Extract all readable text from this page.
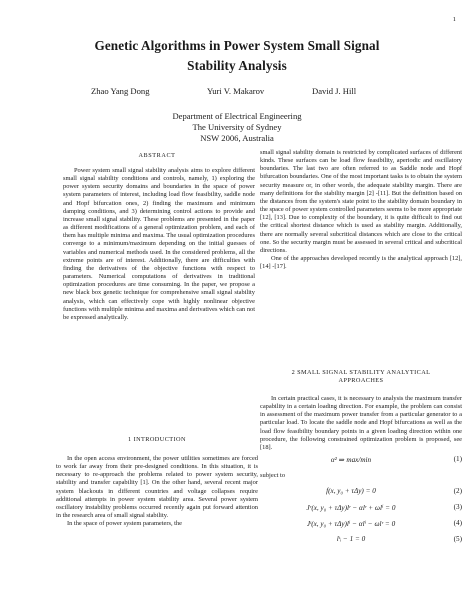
1
Genetic Algorithms in Power System Small Signal
Stability Analysis
Zhao Yang Dong	Yuri V. Makarov	David J. Hill
Department of Electrical Engineering
The University of Sydney
NSW 2006, Australia
ABSTRACT

Power system small signal stability analysis aims to explore different small signal stability conditions and controls, namely, 1) exploring the power system security domains and boundaries in the space of power system parameters of interest, including load flow feasibility, saddle node and Hopf bifurcation ones, 2) finding the maximum and minimum damping conditions, and 3) determining control actions to provide and increase small signal stability. These problems are presented in the paper as different modifications of a general optimization problem, and each of them has multiple minima and maxima. The usual optimization procedures converge to a minimum/maximum depending on the initial guesses of variables and numerical methods used. In the considered problems, all the extreme points are of interest. Additionally, there are difficulties with finding the derivatives of the objective functions with respect to parameters. Numerical computations of derivatives in traditional optimization procedures are time consuming. In the paper, we propose a new black box genetic technique for comprehensive small signal stability analysis, which can effectively cope with highly nonlinear objective functions with multiple minima and maxima and derivatives which can not be expressed analytically.

1 INTRODUCTION

In the open access environment, the power utilities sometimes are forced to work far away from their pre-designed conditions. In this situation, it is necessary to re-approach the problems related to power system security, stability and transfer capability [1]. On the other hand, several recent major system blackouts in different countries and voltage collapses require additional attempts in power system stability area. Several power system oscillatory instability problems occurred recently again put forward attention in the research area of small signal stability.

In the space of power system parameters, the

small signal stability domain is restricted by complicated surfaces of different kinds. These surfaces can be load flow feasibility, aperiodic and oscillatory boundaries. The last two are often referred to as Saddle node and Hopf bifurcation boundaries. One of the most important tasks is to obtain the system security measure or, in other words, the adequate stability margin. There are many definitions for the stability margin [2] -[11]. But the definition based on the distances from the system's state point to the stability domain boundary in the space of power system controlled parameters seems to be more appropriate [12], [13]. Due to complexity of the boundary, it is quite difficult to find out the critical shortest distance which is used as stability margin. Additionally, there are normally several subcritical distances which are close to the critical one. So the security margin must be assessed in several critical and subcritical directions.

One of the approaches developed recently is the analytical approach [12], [14] -[17].

2 SMALL SIGNAL STABILITY ANALYTICAL
APPROACHES

In certain practical cases, it is necessary to analysis the maximum transfer capability in a certain loading direction. For example, the problem can consist in assessment of the maximum power transfer from a particular generator to a particular load. To locate the saddle node and Hopf bifurcations as well as the load flow feasibility boundary points in a given loading direction within one procedure, the following constrained optimization problem is proposed, see [18].

α² ⇒ max/min	(1)
subject to
f(x, y₀ + τΔy) = 0	(2)
Jʳ(x, y₀ + τΔy)lʳ − αlʳ + ωlⁱ = 0	(3)
Jᵗ(x, y₀ + τΔy)lⁱ − αlⁱ − ωlʳ = 0	(4)
lᵗᵢ − 1 = 0	(5)
